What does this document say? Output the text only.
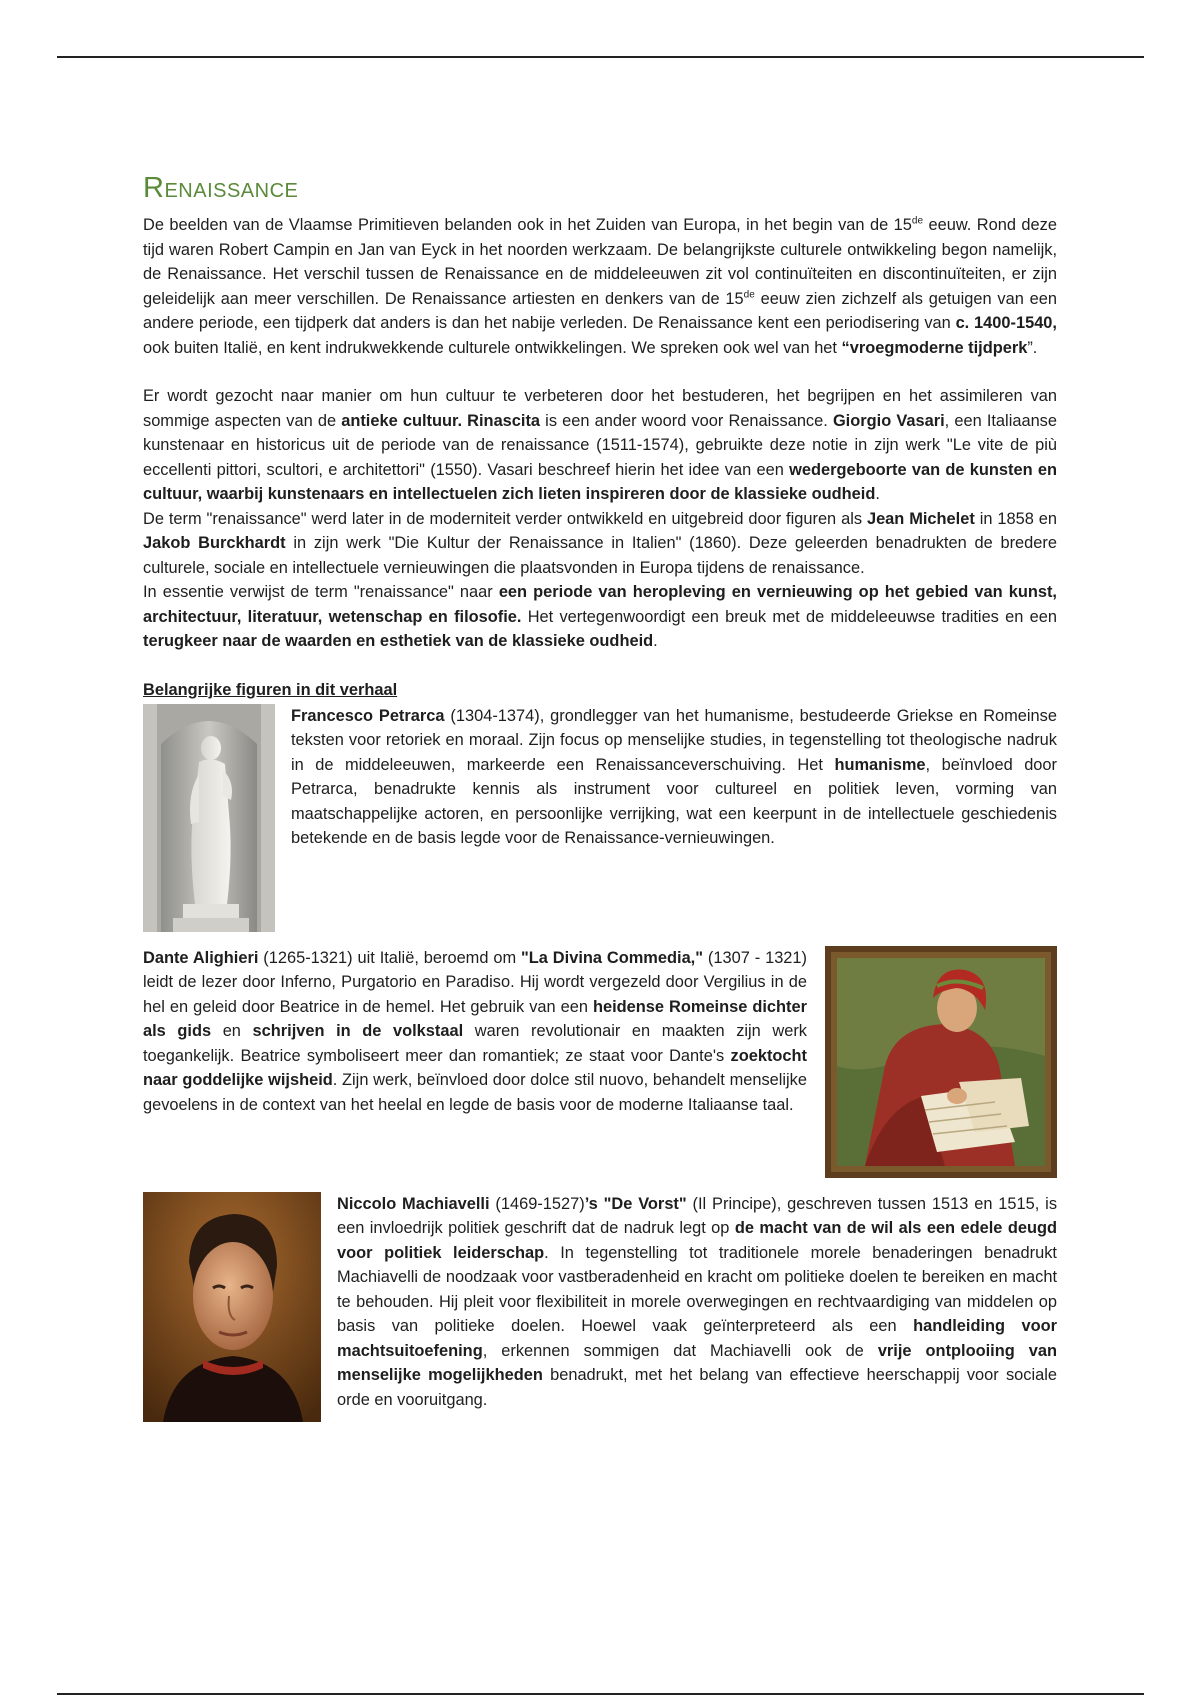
Renaissance

De beelden van de Vlaamse Primitieven belanden ook in het Zuiden van Europa, in het begin van de 15de eeuw. Rond deze tijd waren Robert Campin en Jan van Eyck in het noorden werkzaam. De belangrijkste culturele ontwikkeling begon namelijk, de Renaissance. Het verschil tussen de Renaissance en de middeleeuwen zit vol continuïteiten en discontinuïteiten, er zijn geleidelijk aan meer verschillen. De Renaissance artiesten en denkers van de 15de eeuw zien zichzelf als getuigen van een andere periode, een tijdperk dat anders is dan het nabije verleden. De Renaissance kent een periodisering van c. 1400-1540, ook buiten Italië, en kent indrukwekkende culturele ontwikkelingen. We spreken ook wel van het “vroegmoderne tijdperk”.

Er wordt gezocht naar manier om hun cultuur te verbeteren door het bestuderen, het begrijpen en het assimileren van sommige aspecten van de antieke cultuur. Rinascita is een ander woord voor Renaissance. Giorgio Vasari, een Italiaanse kunstenaar en historicus uit de periode van de renaissance (1511-1574), gebruikte deze notie in zijn werk "Le vite de più eccellenti pittori, scultori, e architettori" (1550). Vasari beschreef hierin het idee van een wedergeboorte van de kunsten en cultuur, waarbij kunstenaars en intellectuelen zich lieten inspireren door de klassieke oudheid.

De term "renaissance" werd later in de moderniteit verder ontwikkeld en uitgebreid door figuren als Jean Michelet in 1858 en Jakob Burckhardt in zijn werk "Die Kultur der Renaissance in Italien" (1860). Deze geleerden benadrukten de bredere culturele, sociale en intellectuele vernieuwingen die plaatsvonden in Europa tijdens de renaissance.

In essentie verwijst de term "renaissance" naar een periode van heropleving en vernieuwing op het gebied van kunst, architectuur, literatuur, wetenschap en filosofie. Het vertegenwoordigt een breuk met de middeleeuwse tradities en een terugkeer naar de waarden en esthetiek van de klassieke oudheid.

Belangrijke figuren in dit verhaal

Francesco Petrarca (1304-1374), grondlegger van het humanisme, bestudeerde Griekse en Romeinse teksten voor retoriek en moraal. Zijn focus op menselijke studies, in tegenstelling tot theologische nadruk in de middeleeuwen, markeerde een Renaissanceverschuiving. Het humanisme, beïnvloed door Petrarca, benadrukte kennis als instrument voor cultureel en politiek leven, vorming van maatschappelijke actoren, en persoonlijke verrijking, wat een keerpunt in de intellectuele geschiedenis betekende en de basis legde voor de Renaissance-vernieuwingen.

Dante Alighieri (1265-1321) uit Italië, beroemd om "La Divina Commedia," (1307 - 1321) leidt de lezer door Inferno, Purgatorio en Paradiso. Hij wordt vergezeld door Vergilius in de hel en geleid door Beatrice in de hemel. Het gebruik van een heidense Romeinse dichter als gids en schrijven in de volkstaal waren revolutionair en maakten zijn werk toegankelijk. Beatrice symboliseert meer dan romantiek; ze staat voor Dante's zoektocht naar goddelijke wijsheid. Zijn werk, beïnvloed door dolce stil nuovo, behandelt menselijke gevoelens in de context van het heelal en legde de basis voor de moderne Italiaanse taal.

Niccolo Machiavelli (1469-1527)’s "De Vorst" (Il Principe), geschreven tussen 1513 en 1515, is een invloedrijk politiek geschrift dat de nadruk legt op de macht van de wil als een edele deugd voor politiek leiderschap. In tegenstelling tot traditionele morele benaderingen benadrukt Machiavelli de noodzaak voor vastberadenheid en kracht om politieke doelen te bereiken en macht te behouden. Hij pleit voor flexibiliteit in morele overwegingen en rechtvaardiging van middelen op basis van politieke doelen. Hoewel vaak geïnterpreteerd als een handleiding voor machtsuitoefening, erkennen sommigen dat Machiavelli ook de vrije ontplooiing van menselijke mogelijkheden benadrukt, met het belang van effectieve heerschappij voor sociale orde en vooruitgang.
